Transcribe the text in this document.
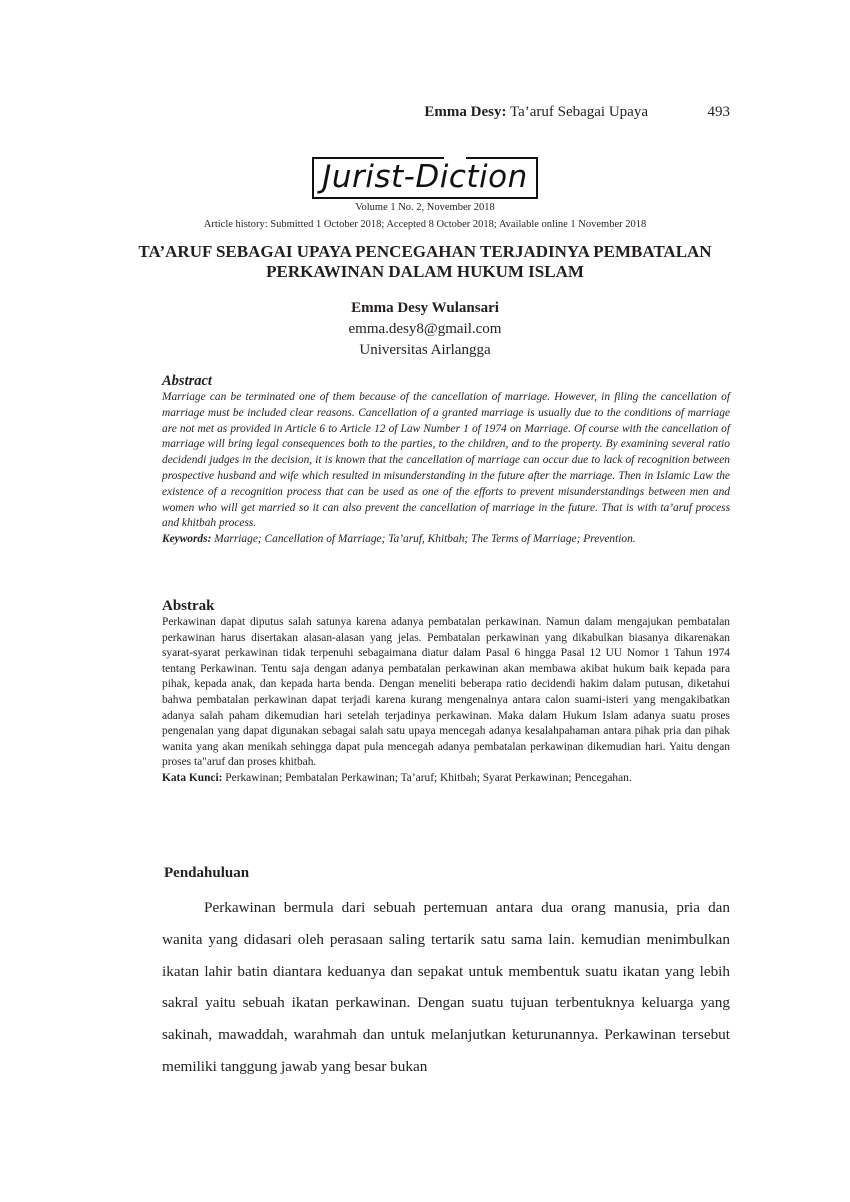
Emma Desy: Ta’aruf Sebagai Upaya	493
Jurist-Diction
Volume 1 No. 2, November 2018
Article history: Submitted 1 October 2018; Accepted 8 October 2018; Available online 1 November 2018
TA’ARUF SEBAGAI UPAYA PENCEGAHAN TERJADINYA PEMBATALAN PERKAWINAN DALAM HUKUM ISLAM
Emma Desy Wulansari
emma.desy8@gmail.com
Universitas Airlangga

Abstract

Marriage can be terminated one of them because of the cancellation of marriage. However, in filing the cancellation of marriage must be included clear reasons. Cancellation of a granted marriage is usually due to the conditions of marriage are not met as provided in Article 6 to Article 12 of Law Number 1 of 1974 on Marriage. Of course with the cancellation of marriage will bring legal consequences both to the parties, to the children, and to the property. By examining several ratio decidendi judges in the decision, it is known that the cancellation of marriage can occur due to lack of recognition between prospective husband and wife which resulted in misunderstanding in the future after the marriage. Then in Islamic Law the existence of a recognition process that can be used as one of the efforts to prevent misunderstandings between men and women who will get married so it can also prevent the cancellation of marriage in the future. That is with ta’aruf process and khitbah process.

Keywords: Marriage; Cancellation of Marriage; Ta’aruf, Khitbah; The Terms of Marriage; Prevention.

Abstrak

Perkawinan dapat diputus salah satunya karena adanya pembatalan perkawinan. Namun dalam mengajukan pembatalan perkawinan harus disertakan alasan-alasan yang jelas. Pembatalan perkawinan yang dikabulkan biasanya dikarenakan syarat-syarat perkawinan tidak terpenuhi sebagaimana diatur dalam Pasal 6 hingga Pasal 12 UU Nomor 1 Tahun 1974 tentang Perkawinan. Tentu saja dengan adanya pembatalan perkawinan akan membawa akibat hukum baik kepada para pihak, kepada anak, dan kepada harta benda. Dengan meneliti beberapa ratio decidendi hakim dalam putusan, diketahui bahwa pembatalan perkawinan dapat terjadi karena kurang mengenalnya antara calon suami-isteri yang mengakibatkan adanya salah paham dikemudian hari setelah terjadinya perkawinan. Maka dalam Hukum Islam adanya suatu proses pengenalan yang dapat digunakan sebagai salah satu upaya mencegah adanya kesalahpahaman antara pihak pria dan pihak wanita yang akan menikah sehingga dapat pula mencegah adanya pembatalan perkawinan dikemudian hari. Yaitu dengan proses ta"aruf dan proses khitbah.

Kata Kunci: Perkawinan; Pembatalan Perkawinan; Ta’aruf; Khitbah; Syarat Perkawinan; Pencegahan.

Pendahuluan

Perkawinan bermula dari sebuah pertemuan antara dua orang manusia, pria dan wanita yang didasari oleh perasaan saling tertarik satu sama lain. kemudian menimbulkan ikatan lahir batin diantara keduanya dan sepakat untuk membentuk suatu ikatan yang lebih sakral yaitu sebuah ikatan perkawinan. Dengan suatu tujuan terbentuknya keluarga yang sakinah, mawaddah, warahmah dan untuk melanjutkan keturunannya. Perkawinan tersebut memiliki tanggung jawab yang besar bukan
